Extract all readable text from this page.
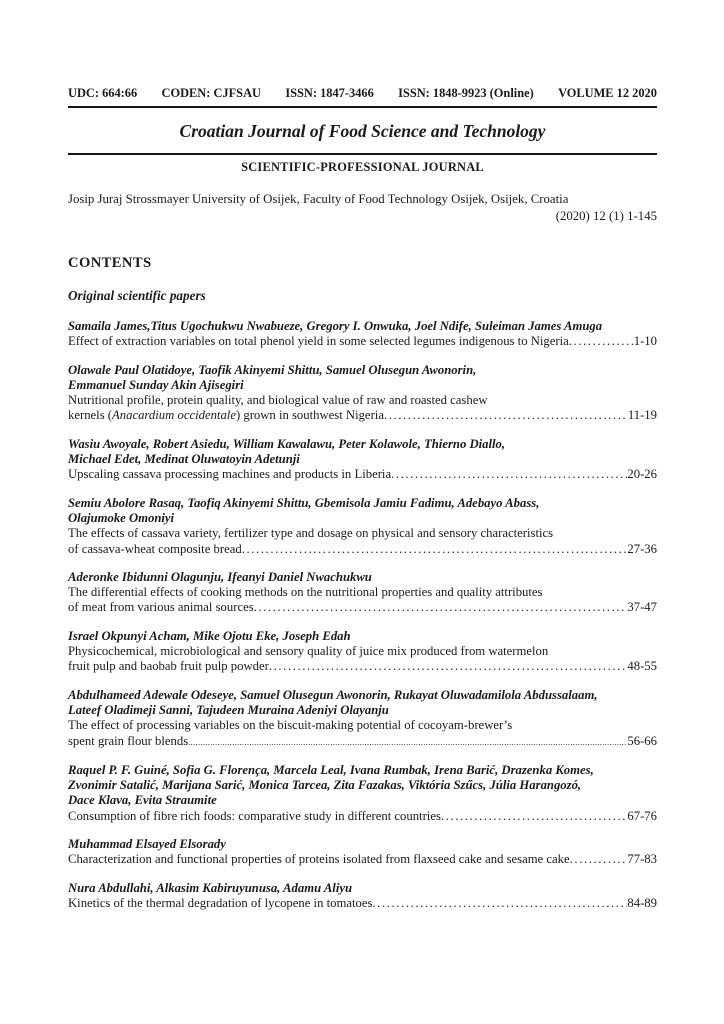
UDC: 664:66 CODEN: CJFSAU ISSN: 1847-3466 ISSN: 1848-9923 (Online) VOLUME 12 2020
Croatian Journal of Food Science and Technology
SCIENTIFIC-PROFESSIONAL JOURNAL
Josip Juraj Strossmayer University of Osijek, Faculty of Food Technology Osijek, Osijek, Croatia
(2020) 12 (1) 1-145
CONTENTS
Original scientific papers
Samaila James,Titus Ugochukwu Nwabueze, Gregory I. Onwuka, Joel Ndife, Suleiman James Amuga
Effect of extraction variables on total phenol yield in some selected legumes indigenous to Nigeria .....	1-10
Olawale Paul Olatidoye, Taofik Akinyemi Shittu, Samuel Olusegun Awonorin,
Emmanuel Sunday Akin Ajisegiri
Nutritional profile, protein quality, and biological value of raw and roasted cashew
kernels (Anacardium occidentale) grown in southwest Nigeria .....	11-19
Wasiu Awoyale, Robert Asiedu, William Kawalawu, Peter Kolawole, Thierno Diallo,
Michael Edet, Medinat Oluwatoyin Adetunji
Upscaling cassava processing machines and products in Liberia .....	20-26
Semiu Abolore Rasaq, Taofiq Akinyemi Shittu, Gbemisola Jamiu Fadimu, Adebayo Abass,
Olajumoke Omoniyi
The effects of cassava variety, fertilizer type and dosage on physical and sensory characteristics
of cassava-wheat composite bread .....	27-36
Aderonke Ibidunni Olagunju, Ifeanyi Daniel Nwachukwu
The differential effects of cooking methods on the nutritional properties and quality attributes
of meat from various animal sources .....	37-47
Israel Okpunyi Acham, Mike Ojotu Eke, Joseph Edah
Physicochemical, microbiological and sensory quality of juice mix produced from watermelon
fruit pulp and baobab fruit pulp powder .....	48-55
Abdulhameed Adewale Odeseye, Samuel Olusegun Awonorin, Rukayat Oluwadamilola Abdussalaam,
Lateef Oladimeji Sanni, Tajudeen Muraina Adeniyi Olayanju
The effect of processing variables on the biscuit-making potential of cocoyam-brewer’s
spent grain flour blends .....	56-66
Raquel P. F. Guiné, Sofia G. Florença, Marcela Leal, Ivana Rumbak, Irena Barić, Drazenka Komes,
Zvonimir Satalić, Marijana Sarić, Monica Tarcea, Zita Fazakas, Viktória Szűcs, Júlia Harangozó,
Dace Klava, Evita Straumite
Consumption of fibre rich foods: comparative study in different countries .....	67-76
Muhammad Elsayed Elsorady
Characterization and functional properties of proteins isolated from flaxseed cake and sesame cake .....	77-83
Nura Abdullahi, Alkasim Kabiruyunusa, Adamu Aliyu
Kinetics of the thermal degradation of lycopene in tomatoes .....	84-89
